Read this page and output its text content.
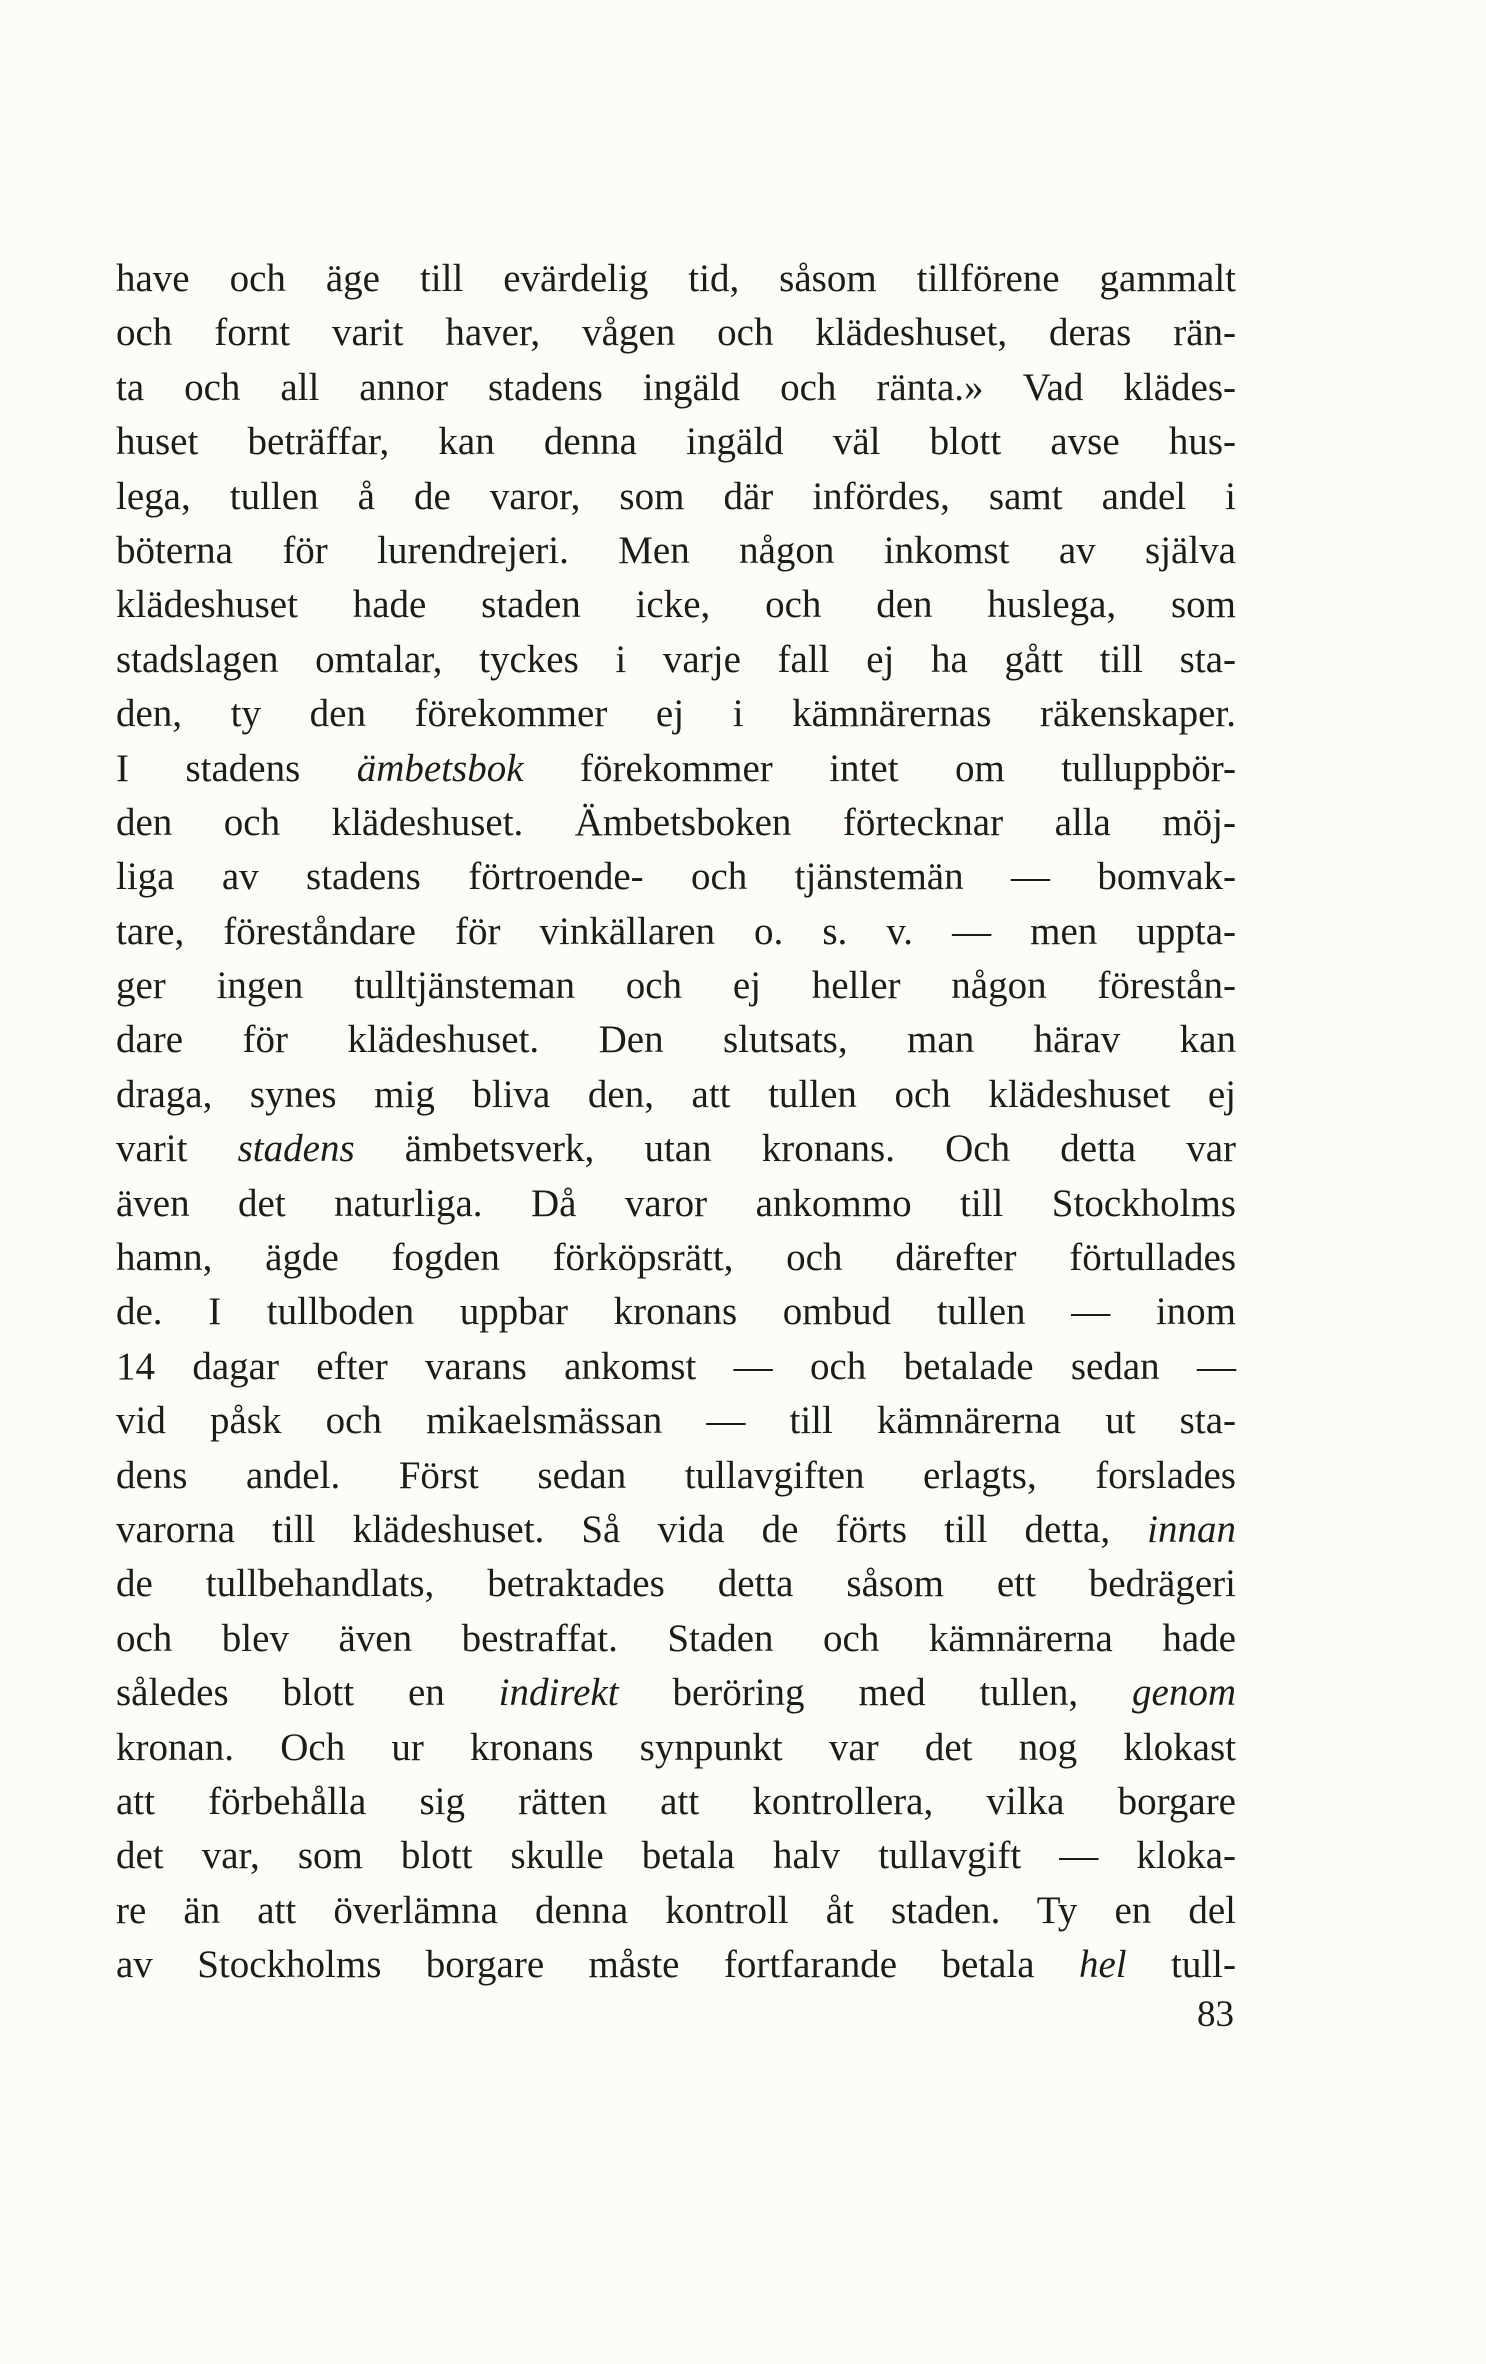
have och äge till evärdelig tid, såsom tillförene gammalt
och fornt varit haver, vågen och klädeshuset, deras rän-
ta och all annor stadens ingäld och ränta.» Vad klädes-
huset beträffar, kan denna ingäld väl blott avse hus-
lega, tullen å de varor, som där infördes, samt andel i
böterna för lurendrejeri. Men någon inkomst av själva
klädeshuset hade staden icke, och den huslega, som
stadslagen omtalar, tyckes i varje fall ej ha gått till sta-
den, ty den förekommer ej i kämnärernas räkenskaper.
I stadens ämbetsbok förekommer intet om tulluppbör-
den och klädeshuset. Ämbetsboken förtecknar alla möj-
liga av stadens förtroende- och tjänstemän — bomvak-
tare, föreståndare för vinkällaren o. s. v. — men uppta-
ger ingen tulltjänsteman och ej heller någon förestån-
dare för klädeshuset. Den slutsats, man härav kan
draga, synes mig bliva den, att tullen och klädeshuset ej
varit stadens ämbetsverk, utan kronans. Och detta var
även det naturliga. Då varor ankommo till Stockholms
hamn, ägde fogden förköpsrätt, och därefter förtullades
de. I tullboden uppbar kronans ombud tullen — inom
14 dagar efter varans ankomst — och betalade sedan —
vid påsk och mikaelsmässan — till kämnärerna ut sta-
dens andel. Först sedan tullavgiften erlagts, forslades
varorna till klädeshuset. Så vida de förts till detta, innan
de tullbehandlats, betraktades detta såsom ett bedrägeri
och blev även bestraffat. Staden och kämnärerna hade
således blott en indirekt beröring med tullen, genom
kronan. Och ur kronans synpunkt var det nog klokast
att förbehålla sig rätten att kontrollera, vilka borgare
det var, som blott skulle betala halv tullavgift — kloka-
re än att överlämna denna kontroll åt staden. Ty en del
av Stockholms borgare måste fortfarande betala hel tull-
83
